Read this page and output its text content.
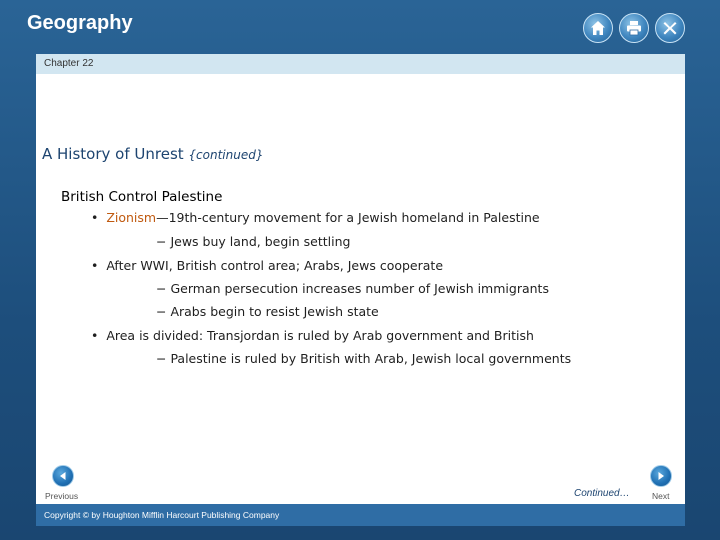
Geography
Chapter 22
A History of Unrest {continued}
British Control Palestine
• Zionism—19th-century movement for a Jewish homeland in Palestine
− Jews buy land, begin settling
• After WWI, British control area; Arabs, Jews cooperate
− German persecution increases number of Jewish immigrants
− Arabs begin to resist Jewish state
• Area is divided: Transjordan is ruled by Arab government and British
− Palestine is ruled by British with Arab, Jewish local governments
Previous	Continued…	Next
Copyright © by Houghton Mifflin Harcourt Publishing Company
